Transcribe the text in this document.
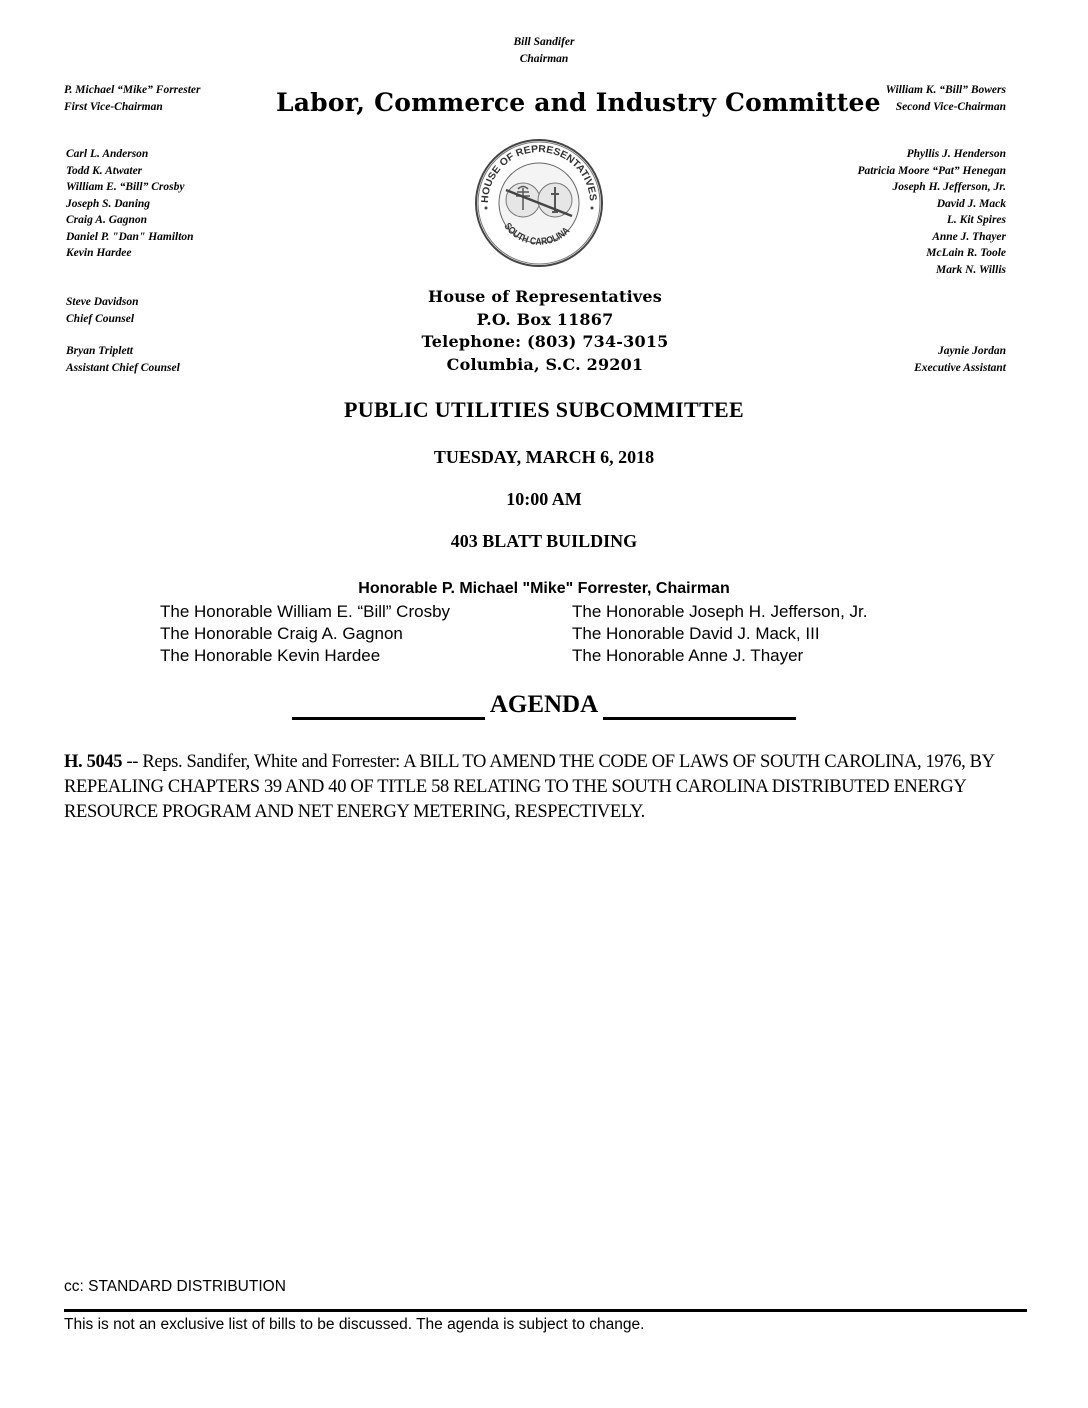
Bill Sandifer
Chairman
P. Michael “Mike” Forrester
First Vice-Chairman	Labor, Commerce and Industry Committee William K. “Bill” Bowers
Second Vice-Chairman
Carl L. Anderson
Todd K. Atwater
William E. “Bill” Crosby
Joseph S. Daning
Craig A. Gagnon
Daniel P. "Dan" Hamilton
Kevin Hardee
Phyllis J. Henderson
Patricia Moore “Pat” Henegan
Joseph H. Jefferson, Jr.
David J. Mack
L. Kit Spires
Anne J. Thayer
McLain R. Toole
Mark N. Willis
HOUSE OF REPRESENTATIVES
SOUTH CAROLINA
Steve Davidson
Chief Counsel
Bryan Triplett
Assistant Chief Counsel
Jaynie Jordan
Executive Assistant
House of Representatives
P.O. Box 11867
Telephone: (803) 734-3015
Columbia, S.C. 29201
PUBLIC UTILITIES SUBCOMMITTEE
TUESDAY, MARCH 6, 2018
10:00 AM
403 BLATT BUILDING
Honorable P. Michael "Mike" Forrester, Chairman
The Honorable William E. “Bill” Crosby
The Honorable Craig A. Gagnon
The Honorable Kevin Hardee
The Honorable Joseph H. Jefferson, Jr.
The Honorable David J. Mack, III
The Honorable Anne J. Thayer
AGENDA
H. 5045 -- Reps. Sandifer, White and Forrester: A BILL TO AMEND THE CODE OF LAWS OF SOUTH CAROLINA, 1976, BY REPEALING CHAPTERS 39 AND 40 OF TITLE 58 RELATING TO THE SOUTH CAROLINA DISTRIBUTED ENERGY RESOURCE PROGRAM AND NET ENERGY METERING, RESPECTIVELY.
cc: STANDARD DISTRIBUTION
This is not an exclusive list of bills to be discussed. The agenda is subject to change.
